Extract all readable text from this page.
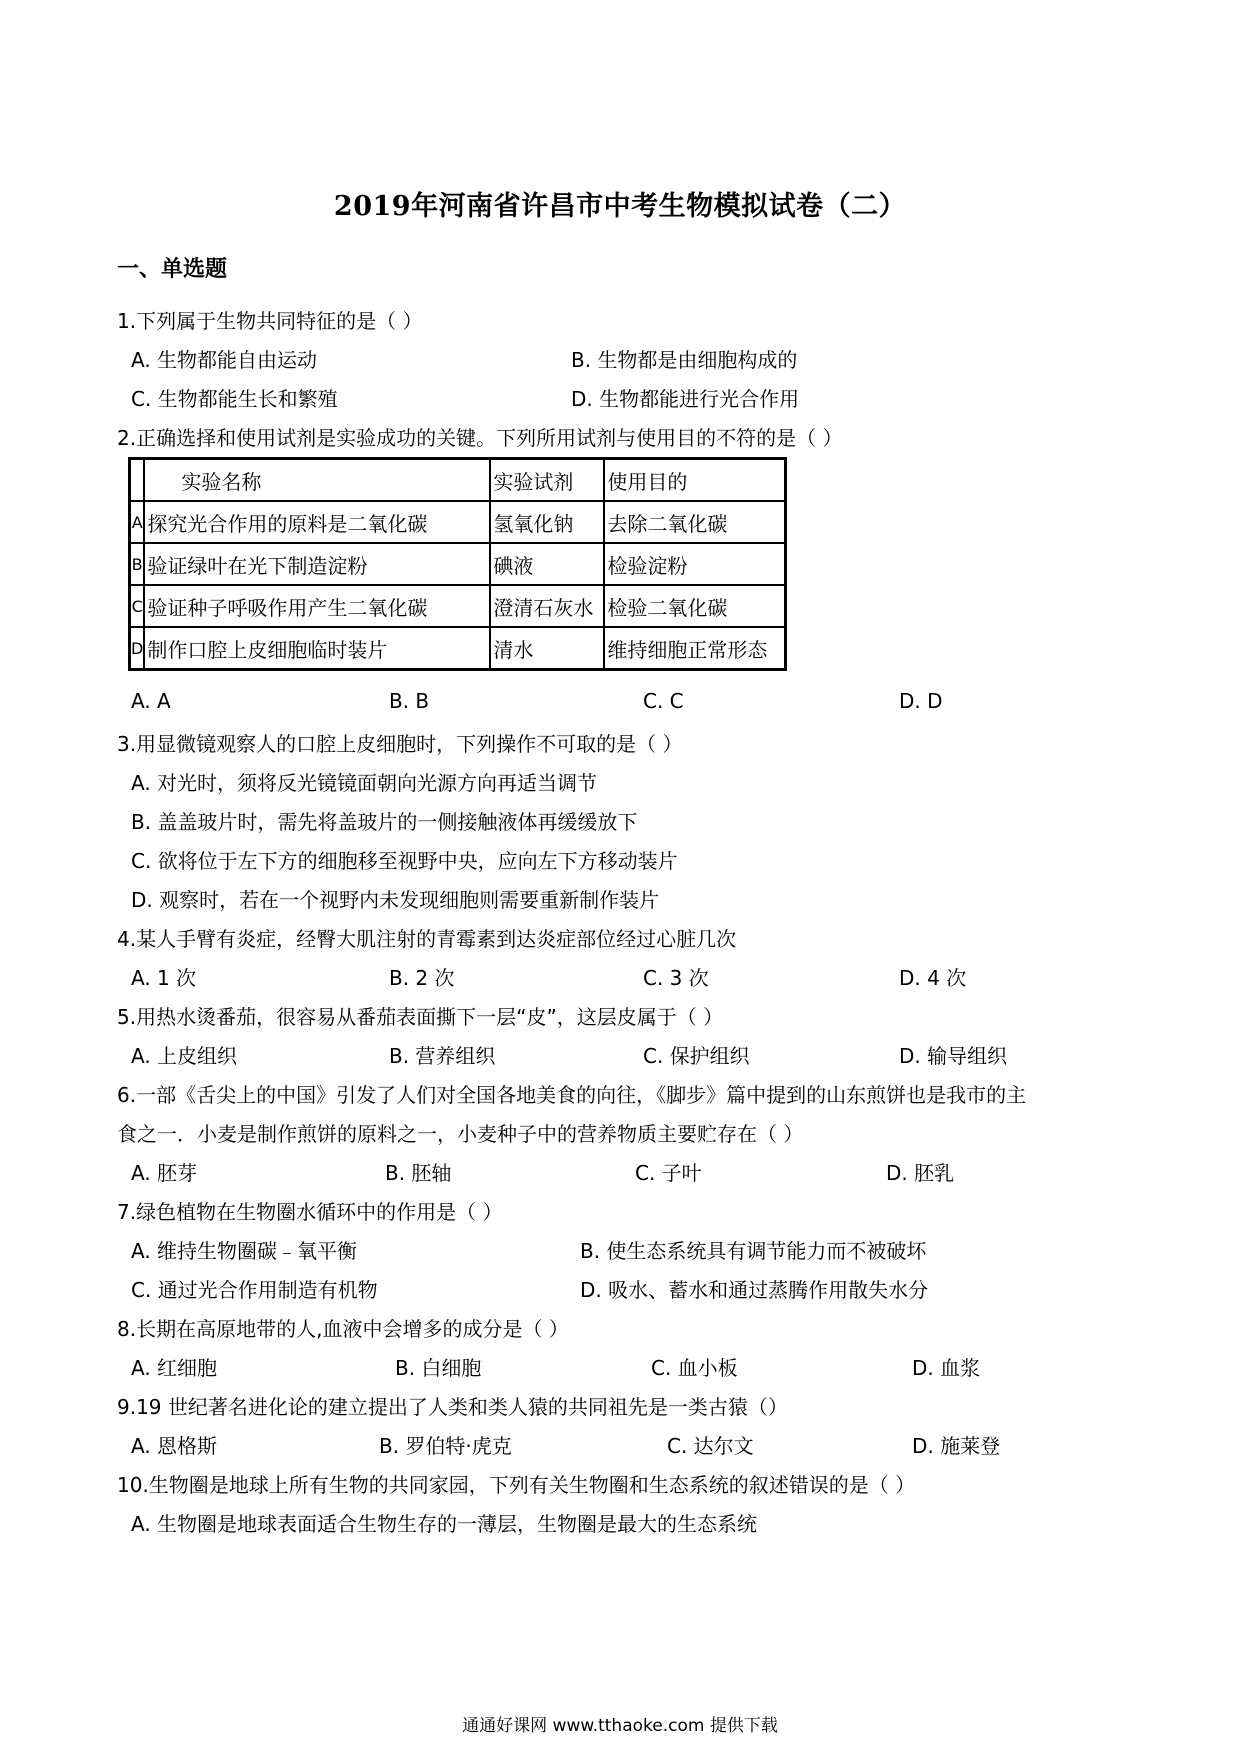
2019年河南省许昌市中考生物模拟试卷（二）
一、单选题
1.下列属于生物共同特征的是（ ）
A. 生物都能自由运动	B. 生物都是由细胞构成的
C. 生物都能生长和繁殖	D. 生物都能进行光合作用
2.正确选择和使用试剂是实验成功的关键。下列所用试剂与使用目的不符的是（ ）
	实验名称	实验试剂	使用目的
A	探究光合作用的原料是二氧化碳	氢氧化钠	去除二氧化碳
B	验证绿叶在光下制造淀粉	碘液	检验淀粉
C	验证种子呼吸作用产生二氧化碳	澄清石灰水	检验二氧化碳
D	制作口腔上皮细胞临时装片	清水	维持细胞正常形态
A. A	B. B	C. C	D. D
3.用显微镜观察人的口腔上皮细胞时，下列操作不可取的是（ ）
A. 对光时，须将反光镜镜面朝向光源方向再适当调节
B. 盖盖玻片时，需先将盖玻片的一侧接触液体再缓缓放下
C. 欲将位于左下方的细胞移至视野中央，应向左下方移动装片
D. 观察时，若在一个视野内未发现细胞则需要重新制作装片
4.某人手臂有炎症，经臀大肌注射的青霉素到达炎症部位经过心脏几次
A. 1 次	B. 2 次	C. 3 次	D. 4 次
5.用热水烫番茄，很容易从番茄表面撕下一层“皮”，这层皮属于（ ）
A. 上皮组织	B. 营养组织	C. 保护组织	D. 输导组织
6.一部《舌尖上的中国》引发了人们对全国各地美食的向往，《脚步》篇中提到的山东煎饼也是我市的主
食之一．小麦是制作煎饼的原料之一，小麦种子中的营养物质主要贮存在（ ）
A. 胚芽	B. 胚轴	C. 子叶	D. 胚乳
7.绿色植物在生物圈水循环中的作用是（ ）
A. 维持生物圈碳﹣氧平衡	B. 使生态系统具有调节能力而不被破坏
C. 通过光合作用制造有机物	D. 吸水、蓄水和通过蒸腾作用散失水分
8.长期在高原地带的人,血液中会增多的成分是（ ）
A. 红细胞	B. 白细胞	C. 血小板	D. 血浆
9.19 世纪著名进化论的建立提出了人类和类人猿的共同祖先是一类古猿（）
A. 恩格斯	B. 罗伯特·虎克	C. 达尔文	D. 施莱登
10.生物圈是地球上所有生物的共同家园，下列有关生物圈和生态系统的叙述错误的是（ ）
A. 生物圈是地球表面适合生物生存的一薄层，生物圈是最大的生态系统
通通好课网 www.tthaoke.com 提供下载
